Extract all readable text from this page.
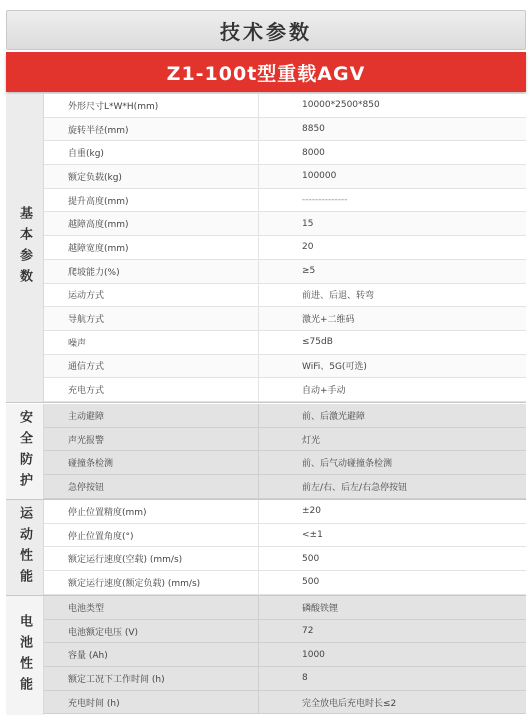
技术参数
Z1-100t型重载AGV
基本参数
外形尺寸L*W*H(mm)	10000*2500*850
旋转半径(mm)	8850
自重(kg)	8000
额定负载(kg)	100000
提升高度(mm)	--------------
越障高度(mm)	15
越障宽度(mm)	20
爬坡能力(%)	≥5
运动方式	前进、后退、转弯
导航方式	激光+二维码
噪声	≤75dB
通信方式	WiFi、5G(可选)
充电方式	自动+手动
安全防护	主动避障	前、后激光避障
声光报警	灯光
碰撞条检测	前、后气动碰撞条检测
急停按钮	前左/右、后左/右急停按钮
运动性能	停止位置精度(mm)	±20
停止位置角度(°)	<±1
额定运行速度(空载) (mm/s)	500
额定运行速度(额定负载) (mm/s)	500
电池性能
电池类型	磷酸铁锂
电池额定电压 (V)	72
容量 (Ah)	1000
额定工况下工作时间 (h)	8
充电时间 (h)	完全放电后充电时长≤2
